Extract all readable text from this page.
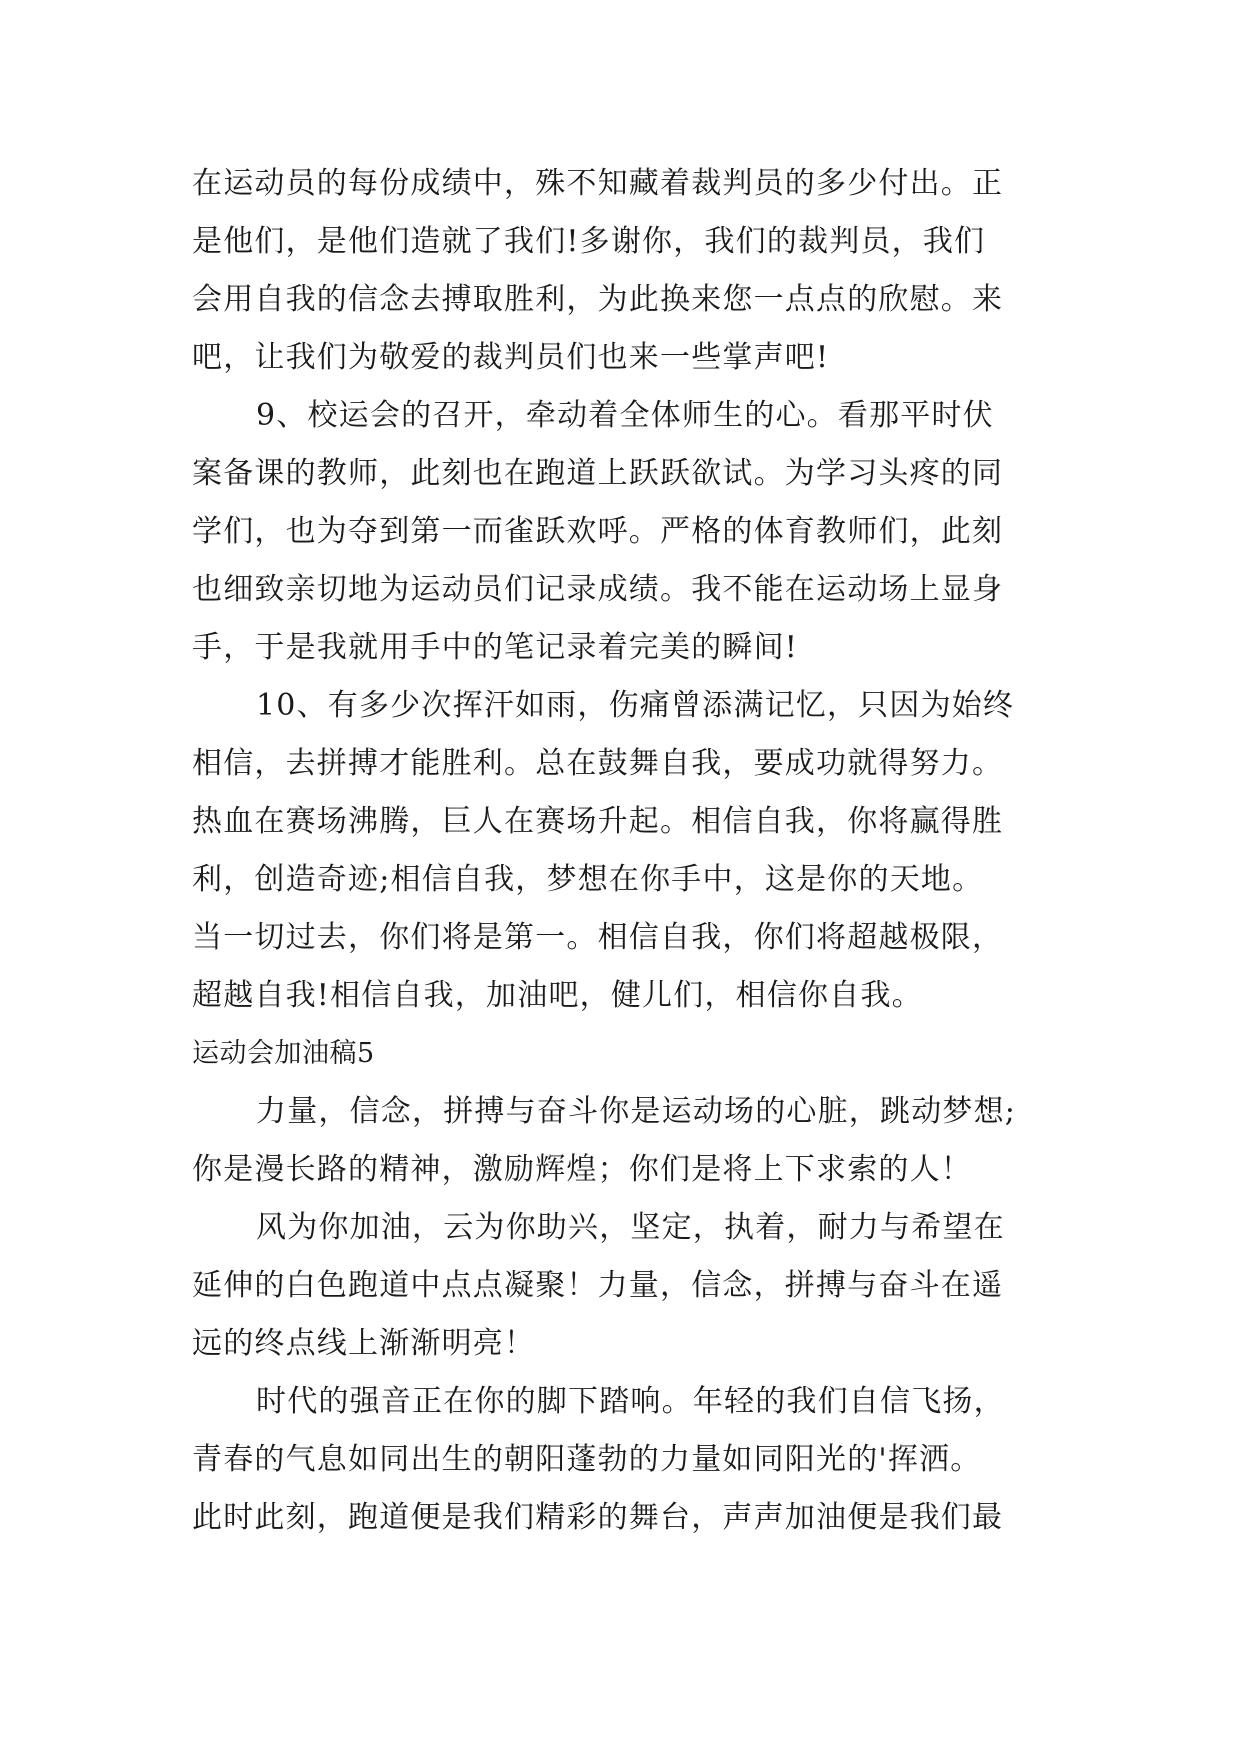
在运动员的每份成绩中，殊不知藏着裁判员的多少付出。正
是他们，是他们造就了我们!多谢你，我们的裁判员，我们
会用自我的信念去搏取胜利，为此换来您一点点的欣慰。来
吧，让我们为敬爱的裁判员们也来一些掌声吧!
9、校运会的召开，牵动着全体师生的心。看那平时伏
案备课的教师，此刻也在跑道上跃跃欲试。为学习头疼的同
学们，也为夺到第一而雀跃欢呼。严格的体育教师们，此刻
也细致亲切地为运动员们记录成绩。我不能在运动场上显身
手，于是我就用手中的笔记录着完美的瞬间!
10、有多少次挥汗如雨，伤痛曾添满记忆，只因为始终
相信，去拼搏才能胜利。总在鼓舞自我，要成功就得努力。
热血在赛场沸腾，巨人在赛场升起。相信自我，你将赢得胜
利，创造奇迹;相信自我，梦想在你手中，这是你的天地。
当一切过去，你们将是第一。相信自我，你们将超越极限，
超越自我!相信自我，加油吧，健儿们，相信你自我。
运动会加油稿5
力量，信念，拼搏与奋斗你是运动场的心脏，跳动梦想;
你是漫长路的精神，激励辉煌；你们是将上下求索的人！
风为你加油，云为你助兴，坚定，执着，耐力与希望在
延伸的白色跑道中点点凝聚！力量，信念，拼搏与奋斗在遥
远的终点线上渐渐明亮！
时代的强音正在你的脚下踏响。年轻的我们自信飞扬，
青春的气息如同出生的朝阳蓬勃的力量如同阳光的'挥洒。
此时此刻，跑道便是我们精彩的舞台，声声加油便是我们最
